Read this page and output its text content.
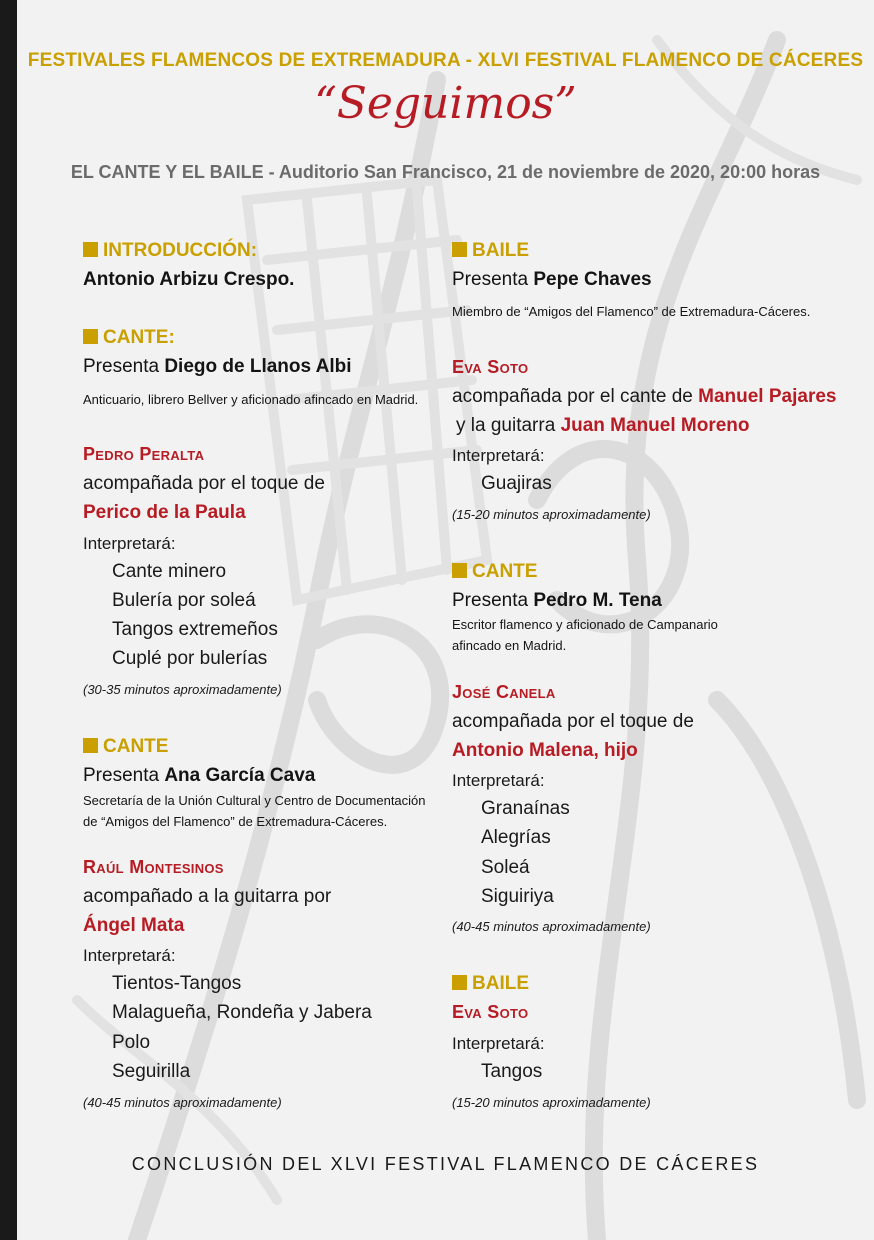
FESTIVALES FLAMENCOS DE EXTREMADURA - XLVI FESTIVAL FLAMENCO DE CÁCERES
“Seguimos”
EL CANTE Y EL BAILE - Auditorio San Francisco, 21 de noviembre de 2020, 20:00 horas
INTRODUCCIÓN:
Antonio Arbizu Crespo.
CANTE:
Presenta Diego de Llanos Albi
Anticuario, librero Bellver y aficionado afincado en Madrid.
Pedro Peralta
acompañada por el toque de
Perico de la Paula
Interpretará:
Cante minero
Bulería por soleá
Tangos extremeños
Cuplé por bulerías
(30-35 minutos aproximadamente)
CANTE
Presenta Ana García Cava
Secretaría de la Unión Cultural y Centro de Documentación
de “Amigos del Flamenco” de Extremadura-Cáceres.
Raúl Montesinos
acompañado a la guitarra por
Ángel Mata
Interpretará:
Tientos-Tangos
Malagueña, Rondeña y Jabera
Polo
Seguirilla
(40-45 minutos aproximadamente)
BAILE
Presenta Pepe Chaves
Miembro de “Amigos del Flamenco” de Extremadura-Cáceres.
Eva Soto
acompañada por el cante de Manuel Pajares
y la guitarra Juan Manuel Moreno
Interpretará:
Guajiras
(15-20 minutos aproximadamente)
CANTE
Presenta Pedro M. Tena
Escritor flamenco y aficionado de Campanario
afincado en Madrid.
José Canela
acompañada por el toque de
Antonio Malena, hijo
Interpretará:
Granaínas
Alegrías
Soleá
Siguiriya
(40-45 minutos aproximadamente)
BAILE
Eva Soto
Interpretará:
Tangos
(15-20 minutos aproximadamente)
CONCLUSIÓN DEL XLVI FESTIVAL FLAMENCO DE CÁCERES
